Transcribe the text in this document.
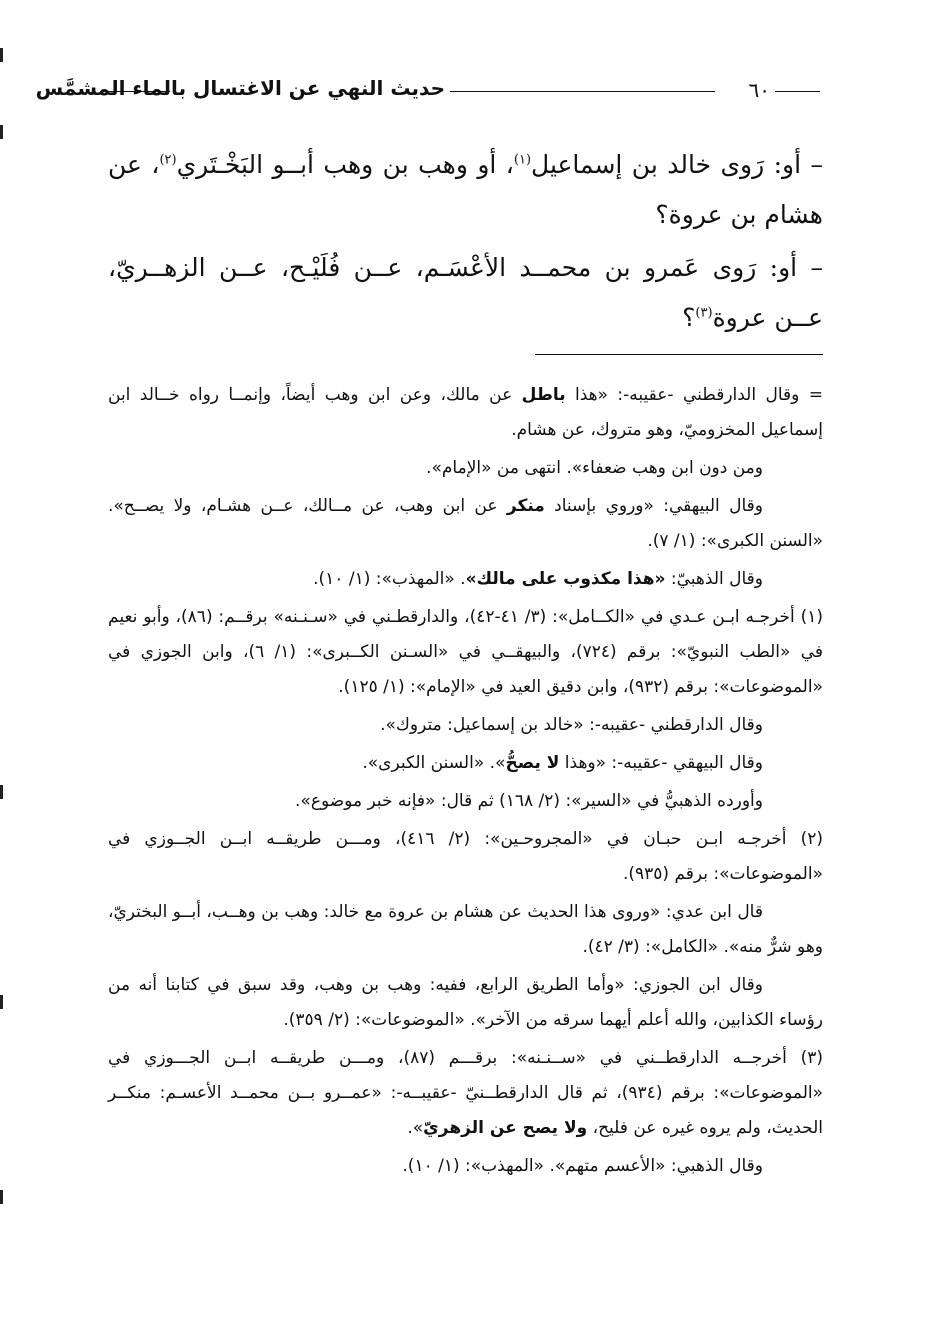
٦٠
حديث النهي عن الاغتسال بالماء المشمَّس

– أو: رَوى خالد بن إسماعيل$^{(١)}$، أو وهب بن وهب أبــو البَخْـتَري$^{(٢)}$، عن هشام بن عروة؟

– أو: رَوى عَمرو بن محمــد الأعْسَـم، عــن فُلَيْـح، عــن الزهــريّ، عــن عروة$^{(٣)}$؟

= وقال الدارقطني -عقيبه-: «هذا باطل عن مالك، وعن ابن وهب أيضاً، وإنمــا رواه خــالد ابن إسماعيل المخزوميّ، وهو متروك، عن هشام.

ومن دون ابن وهب ضعفاء». انتهى من «الإمام».

وقال البيهقي: «وروي بإسناد منكر عن ابن وهب، عن مــالك، عــن هشـام، ولا يصــح». «السنن الكبرى»: (١/ ٧).

وقال الذهبيّ: «هذا مكذوب على مالك». «المهذب»: (١/ ١٠).

(١) أخرجـه ابـن عـدي في «الكــامل»: (٣/ ٤١-٤٢)، والدارقطـني في «سـنـنه» برقــم: (٨٦)، وأبو نعيم في «الطب النبويّ»: برقم (٧٢٤)، والبيهقــي في «السـنن الكــبرى»: (١/ ٦)، وابن الجوزي في «الموضوعات»: برقم (٩٣٢)، وابن دقيق العيد في «الإمام»: (١/ ١٢٥).

وقال الدارقطني -عقيبه-: «خالد بن إسماعيل: متروك».

وقال البيهقي -عقيبه-: «وهذا لا يصحُّ». «السنن الكبرى».

وأورده الذهبيُّ في «السير»: (٢/ ١٦٨) ثم قال: «فإنه خبر موضوع».

(٢) أخرجـه ابـن حبـان في «المجروحـين»: (٢/ ٤١٦)، ومـــن طريقــه ابــن الجــوزي في «الموضوعات»: برقم (٩٣٥).

قال ابن عدي: «وروى هذا الحديث عن هشام بن عروة مع خالد: وهب بن وهــب، أبــو البختريّ، وهو شرٌّ منه». «الكامل»: (٣/ ٤٢).

وقال ابن الجوزي: «وأما الطريق الرابع، ففيه: وهب بن وهب، وقد سبق في كتابنا أنه من رؤساء الكذابين، والله أعلم أيهما سرقه من الآخر». «الموضوعات»: (٢/ ٣٥٩).

(٣) أخرجــه الدارقطــني في «ســنـنه»: برقـــم (٨٧)، ومـــن طريقــه ابــن الجـــوزي في «الموضوعات»: برقم (٩٣٤)، ثم قال الدارقطــنيّ -عقيبــه-: «عمــرو بــن محمــد الأعسـم: منكــر الحديث، ولم يروه غيره عن فليح، ولا يصح عن الزهريّ».

وقال الذهبي: «الأعسم متهم». «المهذب»: (١/ ١٠).
